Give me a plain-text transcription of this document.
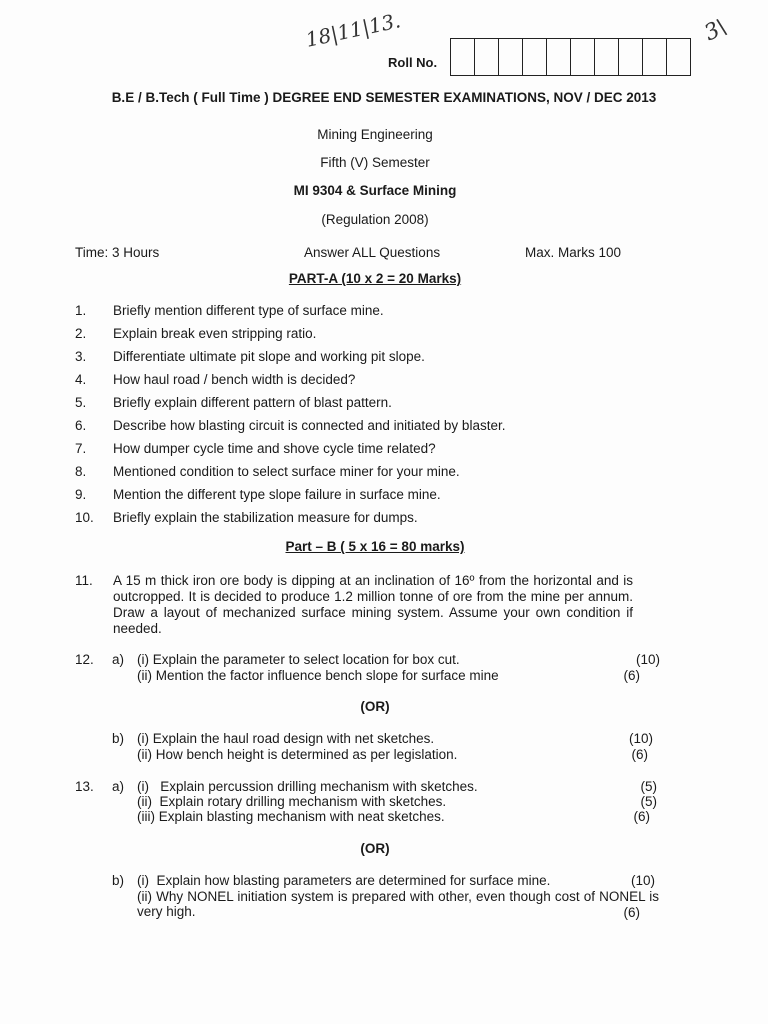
18|11|13.	3\
Roll No.
B.E / B.Tech ( Full Time ) DEGREE END SEMESTER EXAMINATIONS, NOV / DEC 2013
Mining Engineering
Fifth (V) Semester
MI 9304 & Surface Mining
(Regulation 2008)
Time: 3 Hours	Answer ALL Questions	Max. Marks 100
PART-A (10 x 2 = 20 Marks)
1. Briefly mention different type of surface mine.
2. Explain break even stripping ratio.
3. Differentiate ultimate pit slope and working pit slope.
4. How haul road / bench width is decided?
5. Briefly explain different pattern of blast pattern.
6. Describe how blasting circuit is connected and initiated by blaster.
7. How dumper cycle time and shove cycle time related?
8. Mentioned condition to select surface miner for your mine.
9. Mention the different type slope failure in surface mine.
10. Briefly explain the stabilization measure for dumps.
Part – B ( 5 x 16 = 80 marks)
11. A 15 m thick iron ore body is dipping at an inclination of 16º from the horizontal and is outcropped. It is decided to produce 1.2 million tonne of ore from the mine per annum. Draw a layout of mechanized surface mining system. Assume your own condition if needed.
12. a) (i) Explain the parameter to select location for box cut.	(10)
(ii) Mention the factor influence bench slope for surface mine	(6)
(OR)
b) (i) Explain the haul road design with net sketches.	(10)
(ii) How bench height is determined as per legislation.	(6)
13. a) (i)   Explain percussion drilling mechanism with sketches.	(5)
(ii)  Explain rotary drilling mechanism with sketches.	(5)
(iii) Explain blasting mechanism with neat sketches.	(6)
(OR)
b) (i)  Explain how blasting parameters are determined for surface mine.	(10)
(ii) Why NONEL initiation system is prepared with other, even though cost of NONEL is very high.	(6)
